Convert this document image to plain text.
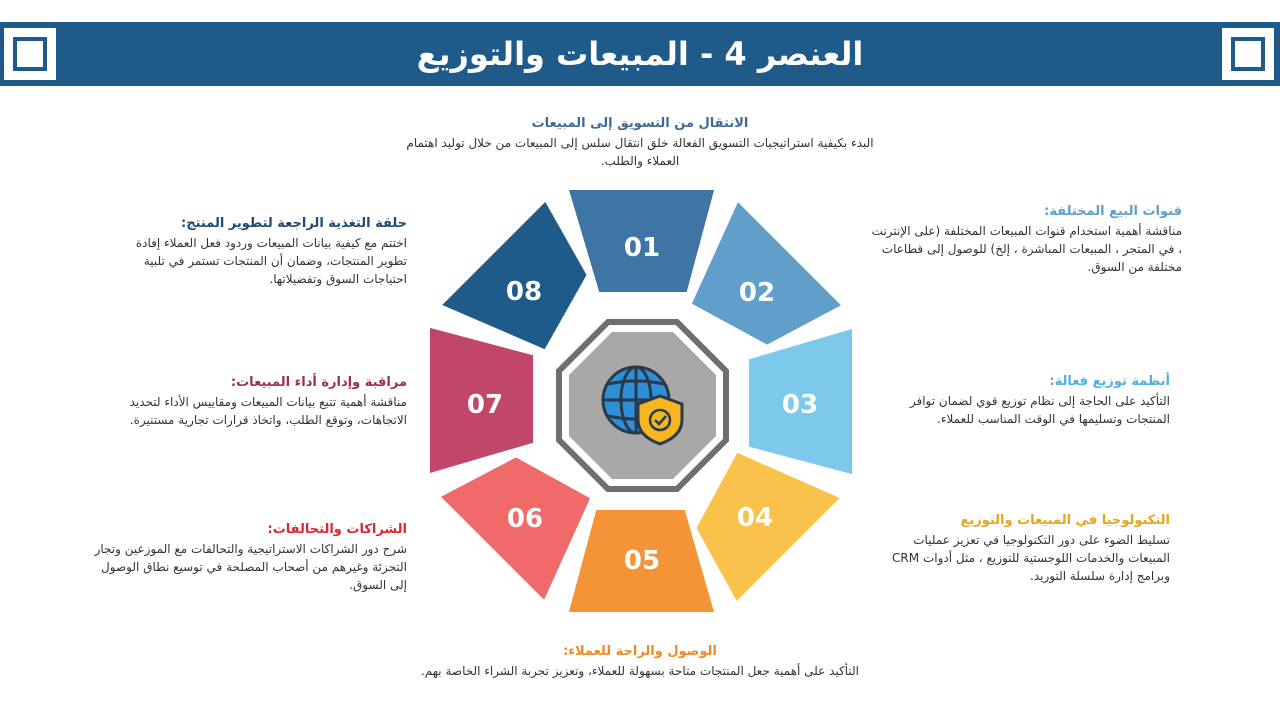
العنصر 4 - المبيعات والتوزيع
01
02
03
04
05
06
07
08
الانتقال من التسويق إلى المبيعات
البدء بكيفية استراتيجيات التسويق الفعالة خلق انتقال سلس إلى المبيعات من خلال توليد اهتمام العملاء والطلب.
قنوات البيع المختلفة:
مناقشة أهمية استخدام قنوات المبيعات المختلفة (على الإنترنت ، في المتجر ، المبيعات المباشرة ، إلخ) للوصول إلى قطاعات مختلفة من السوق.
أنظمة توزيع فعالة:
التأكيد على الحاجة إلى نظام توزيع قوي لضمان توافر المنتجات وتسليمها في الوقت المناسب للعملاء.
التكنولوجيا في المبيعات والتوزيع
تسليط الضوء على دور التكنولوجيا في تعزيز عمليات المبيعات والخدمات اللوجستية للتوزيع ، مثل أدوات CRM وبرامج إدارة سلسلة التوريد.
الوصول والراحة للعملاء:
التأكيد على أهمية جعل المنتجات متاحة بسهولة للعملاء، وتعزيز تجربة الشراء الخاصة بهم.
الشراكات والتحالفات:
شرح دور الشراكات الاستراتيجية والتحالفات مع الموزعين وتجار التجزئة وغيرهم من أصحاب المصلحة في توسيع نطاق الوصول إلى السوق.
مراقبة وإدارة أداء المبيعات:
مناقشة أهمية تتبع بيانات المبيعات ومقاييس الأداء لتحديد الاتجاهات، وتوقع الطلب، واتخاذ قرارات تجارية مستنيرة.
حلقة التغذية الراجعة لتطوير المنتج:
اختتم مع كيفية بيانات المبيعات وردود فعل العملاء إفادة تطوير المنتجات، وضمان أن المنتجات تستمر في تلبية احتياجات السوق وتفضيلاتها.
